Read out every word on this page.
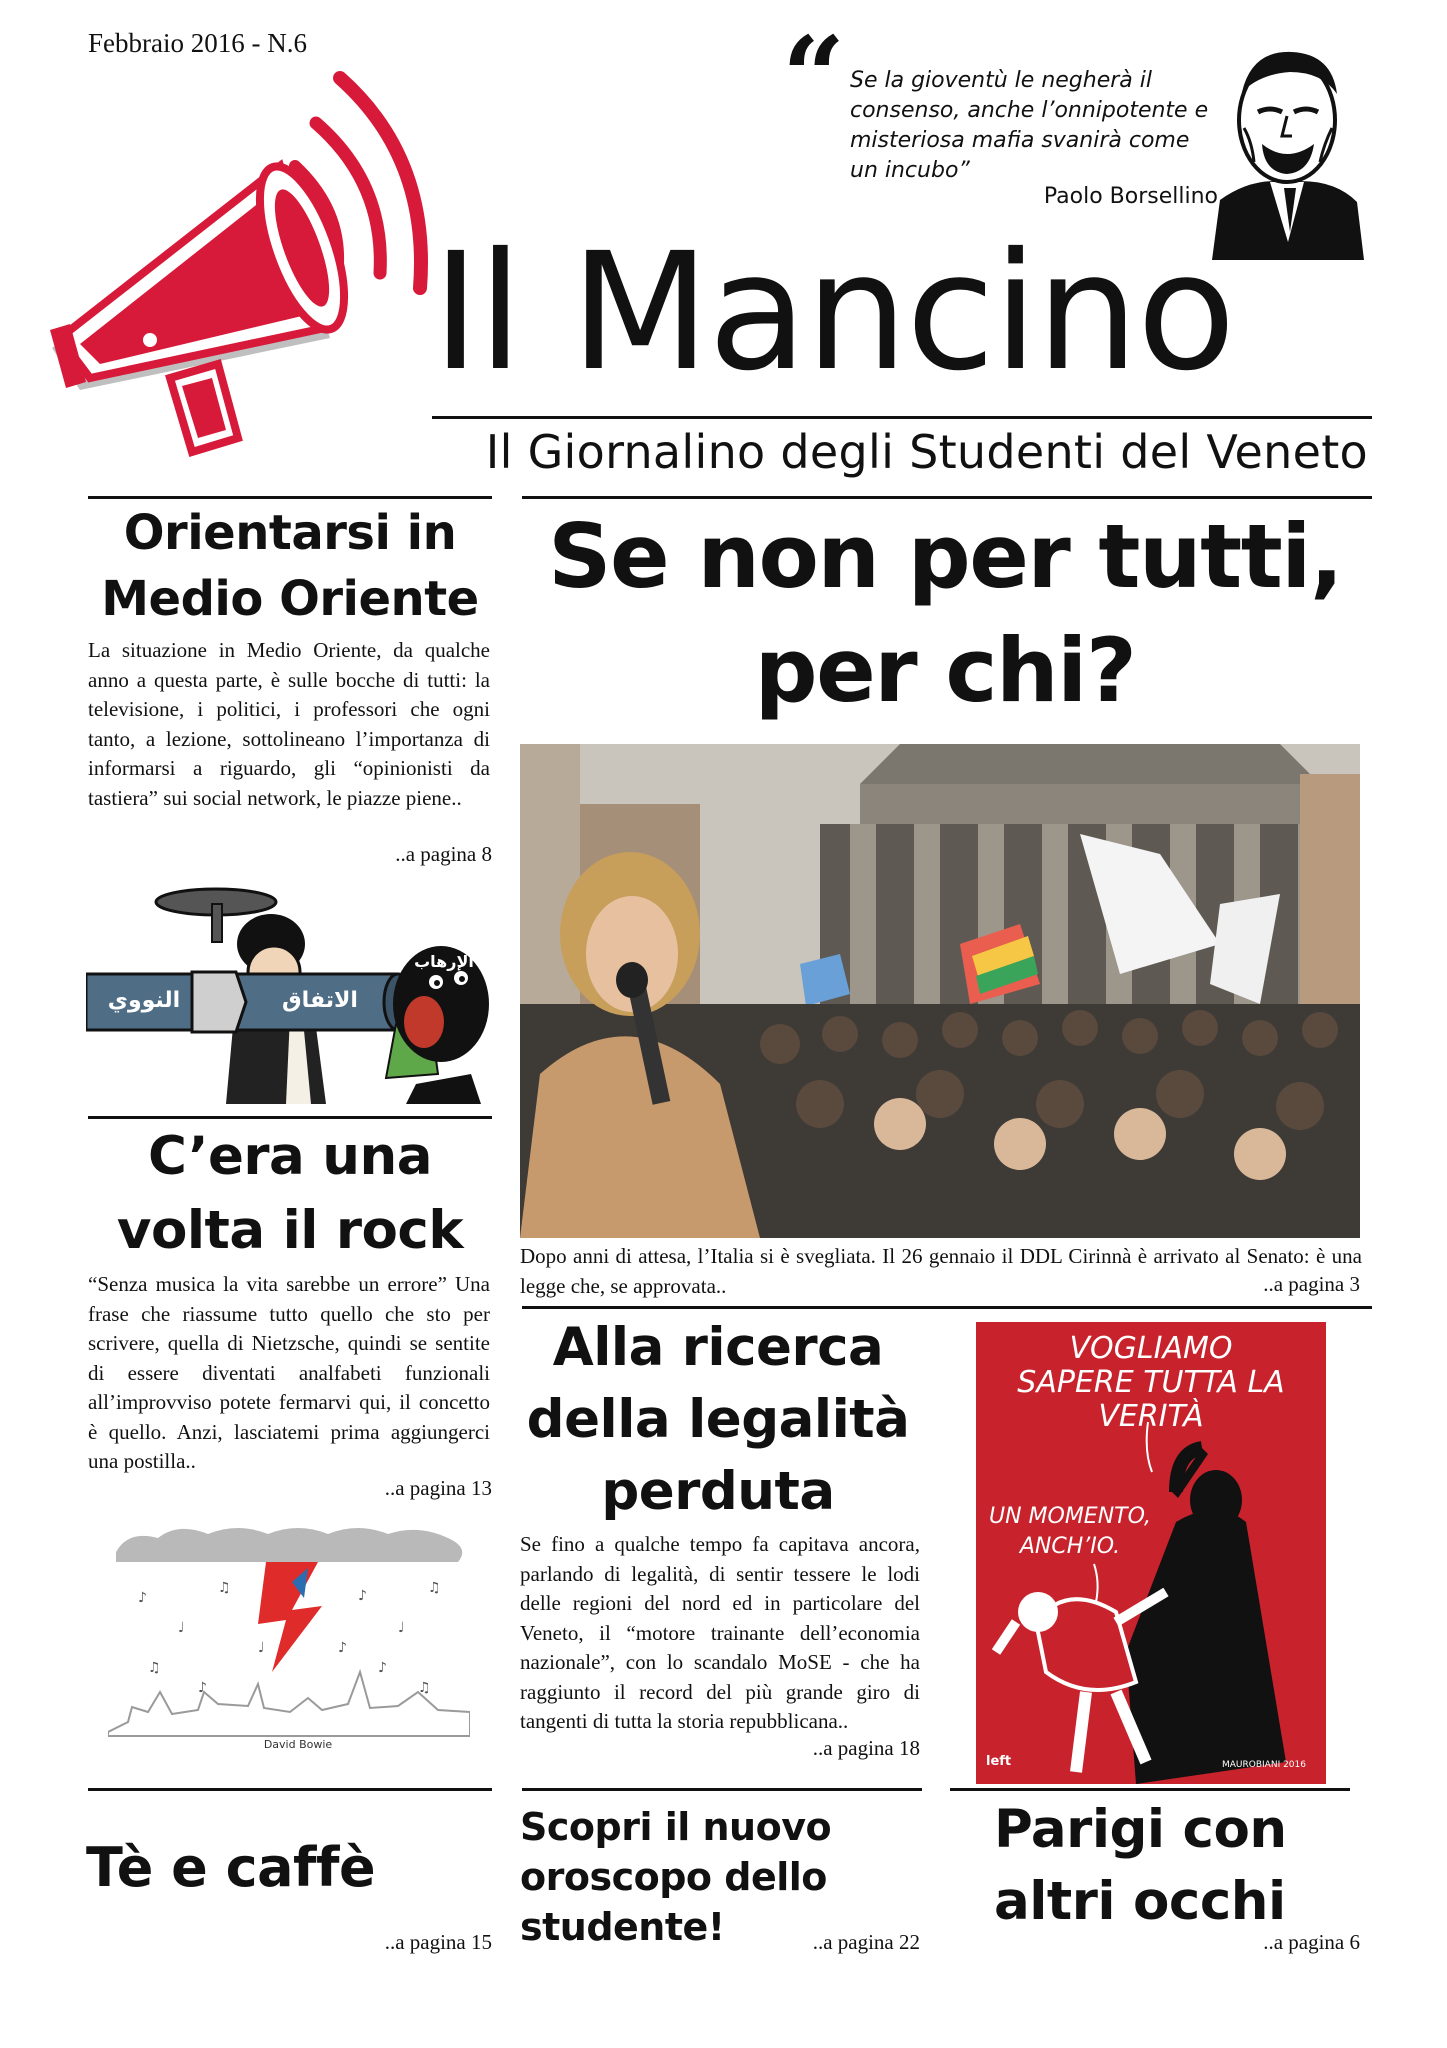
Febbraio 2016 - N.6	“ Se la gioventù le negherà il consenso, anche l’onnipotente e misteriosa mafia svanirà come un incubo”
Paolo Borsellino
Il Mancino
Il Giornalino degli Studenti del Veneto
Orientarsi in Medio Oriente
La situazione in Medio Oriente, da qualche anno a questa parte, è sulle bocche di tutti: la televisione, i politici, i professori che ogni tanto, a lezione, sottolineano l’importanza di informarsi a riguardo, gli “opinionisti da tastiera” sui social network, le piazze piene..
..a pagina 8
النووي	الاتفاق
الإرهاب
C’era una volta il rock
“Senza musica la vita sarebbe un errore” Una frase che riassume tutto quello che sto per scrivere, quella di Nietzsche, quindi se sentite di essere diventati analfabeti funzionali all’improvviso potete fermarvi qui, il concetto è quello. Anzi, lasciatemi prima aggiungerci una postilla..
..a pagina 13
♪
♩
♫	♪
♩
♫
♫
♪
♪
♫
♩	♪
David Bowie
Tè e caffè
..a pagina 15
Se non per tutti, per chi?
Dopo anni di attesa, l’Italia si è svegliata. Il 26 gennaio il DDL Cirinnà è arrivato al Senato: è una legge che, se approvata..	..a pagina 3
Alla ricerca della legalità perduta
Se fino a qualche tempo fa capitava ancora, parlando di legalità, di sentir tessere le lodi delle regioni del nord ed in particolare del Veneto, il “motore trainante dell’economia nazionale”, con lo scandalo MoSE - che ha raggiunto il record del più grande giro di tangenti di tutta la storia repubblicana..
..a pagina 18
VOGLIAMO SAPERE TUTTA LA VERITÀ
UN MOMENTO, ANCH’IO.
left	MAUROBIANI 2016
Scopri il nuovo oroscopo dello studente!	..a pagina 22
Parigi con altri occhi
..a pagina 6
